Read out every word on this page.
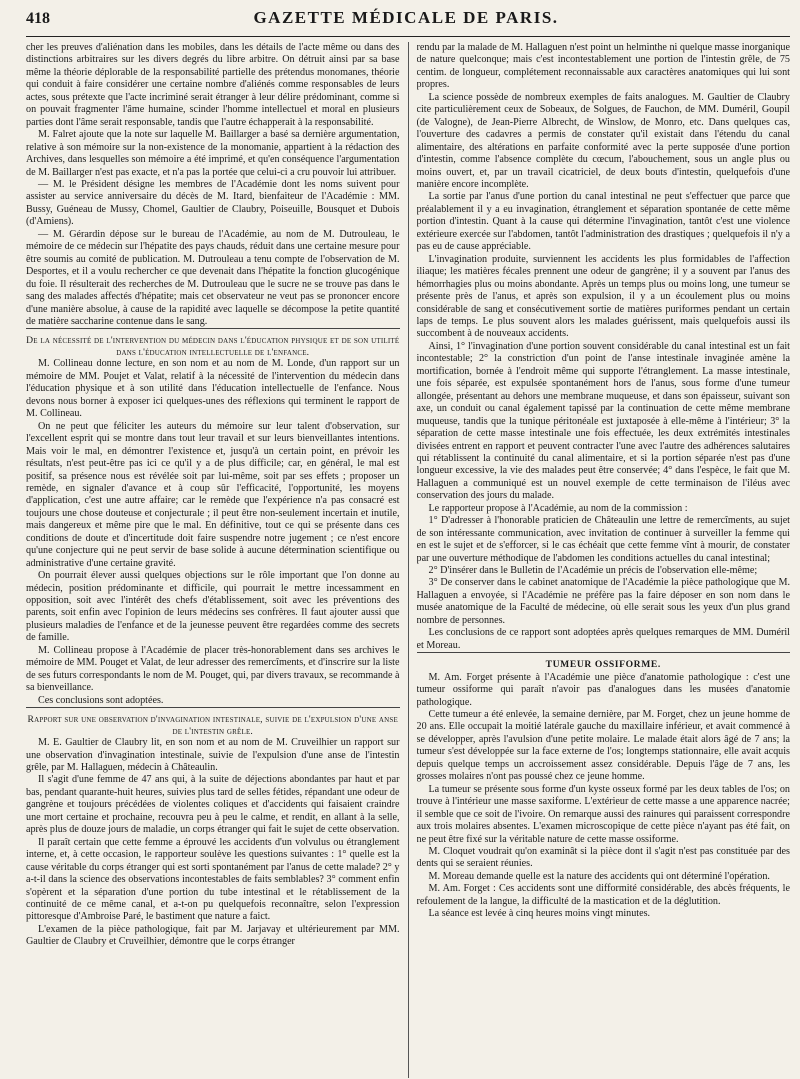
418	GAZETTE MÉDICALE DE PARIS.

cher les preuves d'aliénation dans les mobiles, dans les détails de l'acte même ou dans des distinctions arbitraires sur les divers degrés du libre arbitre. On détruit ainsi par sa base même la théorie déplorable de la responsabilité partielle des prétendus monomanes, théorie qui conduit à faire considérer une certaine nombre d'aliénés comme responsables de leurs actes, sous prétexte que l'acte incriminé serait étranger à leur délire prédominant, comme si on pouvait fragmenter l'âme humaine, scinder l'homme intellectuel et moral en plusieurs parties dont l'âme serait responsable, tandis que l'autre échapperait à la responsabilité.

M. Falret ajoute que la note sur laquelle M. Baillarger a basé sa dernière argumentation, relative à son mémoire sur la non-existence de la monomanie, appartient à la rédaction des Archives, dans lesquelles son mémoire a été imprimé, et qu'en conséquence l'argumentation de M. Baillarger n'est pas exacte, et n'a pas la portée que celui-ci a cru pouvoir lui attribuer.

— M. le Président désigne les membres de l'Académie dont les noms suivent pour assister au service anniversaire du décès de M. Itard, bienfaiteur de l'Académie : MM. Bussy, Guéneau de Mussy, Chomel, Gaultier de Claubry, Poiseuille, Bousquet et Dubois (d'Amiens).

— M. Gérardin dépose sur le bureau de l'Académie, au nom de M. Dutrouleau, le mémoire de ce médecin sur l'hépatite des pays chauds, réduit dans une certaine mesure pour être soumis au comité de publication. M. Dutrouleau a tenu compte de l'observation de M. Desportes, et il a voulu rechercher ce que devenait dans l'hépatite la fonction glucogénique du foie. Il résulterait des recherches de M. Dutrouleau que le sucre ne se trouve pas dans le sang des malades affectés d'hépatite; mais cet observateur ne veut pas se prononcer encore d'une manière absolue, à cause de la rapidité avec laquelle se décompose la petite quantité de matière saccharine contenue dans le sang.

De la nécessité de l'intervention du médecin dans l'éducation physique et de son utilité dans l'éducation intellectuelle de l'enfance.

M. Collineau donne lecture, en son nom et au nom de M. Londe, d'un rapport sur un mémoire de MM. Poujet et Valat, relatif à la nécessité de l'intervention du médecin dans l'éducation physique et à son utilité dans l'éducation intellectuelle de l'enfance. Nous devons nous borner à exposer ici quelques-unes des réflexions qui terminent le rapport de M. Collineau.

On ne peut que féliciter les auteurs du mémoire sur leur talent d'observation, sur l'excellent esprit qui se montre dans tout leur travail et sur leurs bienveillantes intentions. Mais voir le mal, en démontrer l'existence et, jusqu'à un certain point, en prévoir les résultats, n'est peut-être pas ici ce qu'il y a de plus difficile; car, en général, le mal est positif, sa présence nous est révélée soit par lui-même, soit par ses effets ; proposer un remède, en signaler d'avance et à coup sûr l'efficacité, l'opportunité, les moyens d'application, c'est une autre affaire; car le remède que l'expérience n'a pas consacré est toujours une chose douteuse et conjecturale ; il peut être non-seulement incertain et inutile, mais dangereux et même pire que le mal. En définitive, tout ce qui se présente dans ces conditions de doute et d'incertitude doit faire suspendre notre jugement ; ce n'est encore qu'une conjecture qui ne peut servir de base solide à aucune détermination scientifique ou administrative d'une certaine gravité.

On pourrait élever aussi quelques objections sur le rôle important que l'on donne au médecin, position prédominante et difficile, qui pourrait le mettre incessamment en opposition, soit avec l'intérêt des chefs d'établissement, soit avec les préventions des parents, soit enfin avec l'opinion de leurs médecins ses confrères. Il faut ajouter aussi que plusieurs maladies de l'enfance et de la jeunesse peuvent être regardées comme des secrets de famille.

M. Collineau propose à l'Académie de placer très-honorablement dans ses archives le mémoire de MM. Pouget et Valat, de leur adresser des remercîments, et d'inscrire sur la liste de ses futurs correspondants le nom de M. Pouget, qui, par divers travaux, se recommande à sa bienveillance.

Ces conclusions sont adoptées.

Rapport sur une observation d'invagination intestinale, suivie de l'expulsion d'une anse de l'intestin grêle.

M. E. Gaultier de Claubry lit, en son nom et au nom de M. Cruveilhier un rapport sur une observation d'invagination intestinale, suivie de l'expulsion d'une anse de l'intestin grêle, par M. Hallaguen, médecin à Châteaulin.

Il s'agit d'une femme de 47 ans qui, à la suite de déjections abondantes par haut et par bas, pendant quarante-huit heures, suivies plus tard de selles fétides, répandant une odeur de gangrène et toujours précédées de violentes coliques et d'accidents qui faisaient craindre une mort certaine et prochaine, recouvra peu à peu le calme, et rendit, en allant à la selle, après plus de douze jours de maladie, un corps étranger qui fait le sujet de cette observation.

Il paraît certain que cette femme a éprouvé les accidents d'un volvulus ou étranglement interne, et, à cette occasion, le rapporteur soulève les questions suivantes : 1° quelle est la cause véritable du corps étranger qui est sorti spontanément par l'anus de cette malade? 2° y a-t-il dans la science des observations incontestables de faits semblables? 3° comment enfin s'opèrent et la séparation d'une portion du tube intestinal et le rétablissement de la continuité de ce même canal, et a-t-on pu quelquefois reconnaître, selon l'expression pittoresque d'Ambroise Paré, le bastiment que nature a faict.

L'examen de la pièce pathologique, fait par M. Jarjavay et ultérieurement par MM. Gaultier de Claubry et Cruveilhier, démontre que le corps étranger

rendu par la malade de M. Hallaguen n'est point un helminthe ni quelque masse inorganique de nature quelconque; mais c'est incontestablement une portion de l'intestin grêle, de 75 centim. de longueur, complétement reconnaissable aux caractères anatomiques qui lui sont propres.

La science possède de nombreux exemples de faits analogues. M. Gaultier de Claubry cite particulièrement ceux de Sobeaux, de Solgues, de Fauchon, de MM. Duméril, Goupil (de Valogne), de Jean-Pierre Albrecht, de Winslow, de Monro, etc. Dans quelques cas, l'ouverture des cadavres a permis de constater qu'il existait dans l'étendu du canal alimentaire, des altérations en parfaite conformité avec la perte supposée d'une portion d'intestin, comme l'absence complète du cœcum, l'abouchement, sous un angle plus ou moins ouvert, et, par un travail cicatriciel, de deux bouts d'intestin, quelquefois d'une manière encore incomplète.

La sortie par l'anus d'une portion du canal intestinal ne peut s'effectuer que parce que préalablement il y a eu invagination, étranglement et séparation spontanée de cette même portion d'intestin. Quant à la cause qui détermine l'invagination, tantôt c'est une violence extérieure exercée sur l'abdomen, tantôt l'administration des drastiques ; quelquefois il n'y a pas eu de cause appréciable.

L'invagination produite, surviennent les accidents les plus formidables de l'affection iliaque; les matières fécales prennent une odeur de gangrène; il y a souvent par l'anus des hémorrhagies plus ou moins abondante. Après un temps plus ou moins long, une tumeur se présente près de l'anus, et après son expulsion, il y a un écoulement plus ou moins considérable de sang et consécutivement sortie de matières puriformes pendant un certain laps de temps. Le plus souvent alors les malades guérissent, mais quelquefois aussi ils succombent à de nouveaux accidents.

Ainsi, 1° l'invagination d'une portion souvent considérable du canal intestinal est un fait incontestable; 2° la constriction d'un point de l'anse intestinale invaginée amène la mortification, bornée à l'endroit même qui supporte l'étranglement. La masse intestinale, une fois séparée, est expulsée spontanément hors de l'anus, sous forme d'une tumeur allongée, présentant au dehors une membrane muqueuse, et dans son épaisseur, suivant son axe, un conduit ou canal également tapissé par la continuation de cette même membrane muqueuse, tandis que la tunique péritonéale est juxtaposée à elle-même à l'intérieur; 3° la séparation de cette masse intestinale une fois effectuée, les deux extrémités intestinales divisées entrent en rapport et peuvent contracter l'une avec l'autre des adhérences salutaires qui rétablissent la continuité du canal alimentaire, et si la portion séparée n'est pas d'une longueur excessive, la vie des malades peut être conservée; 4° dans l'espèce, le fait que M. Hallaguen a communiqué est un nouvel exemple de cette terminaison de l'iléus avec conservation des jours du malade.

Le rapporteur propose à l'Académie, au nom de la commission :

1° D'adresser à l'honorable praticien de Châteaulin une lettre de remercîments, au sujet de son intéressante communication, avec invitation de continuer à surveiller la femme qui en est le sujet et de s'efforcer, si le cas échéait que cette femme vînt à mourir, de constater par une ouverture méthodique de l'abdomen les conditions actuelles du canal intestinal;

2° D'insérer dans le Bulletin de l'Académie un précis de l'observation elle-même;

3° De conserver dans le cabinet anatomique de l'Académie la pièce pathologique que M. Hallaguen a envoyée, si l'Académie ne préfère pas la faire déposer en son nom dans le musée anatomique de la Faculté de médecine, où elle serait sous les yeux d'un plus grand nombre de personnes.

Les conclusions de ce rapport sont adoptées après quelques remarques de MM. Duméril et Moreau.

TUMEUR OSSIFORME.

M. Am. Forget présente à l'Académie une pièce d'anatomie pathologique : c'est une tumeur ossiforme qui paraît n'avoir pas d'analogues dans les musées d'anatomie pathologique.

Cette tumeur a été enlevée, la semaine dernière, par M. Forget, chez un jeune homme de 20 ans. Elle occupait la moitié latérale gauche du maxillaire inférieur, et avait commencé à se développer, après l'avulsion d'une petite molaire. Le malade était alors âgé de 7 ans; la tumeur s'est développée sur la face externe de l'os; longtemps stationnaire, elle avait acquis depuis quelque temps un accroissement assez considérable. Depuis l'âge de 7 ans, les grosses molaires n'ont pas poussé chez ce jeune homme.

La tumeur se présente sous forme d'un kyste osseux formé par les deux tables de l'os; on trouve à l'intérieur une masse saxiforme. L'extérieur de cette masse a une apparence nacrée; il semble que ce soit de l'ivoire. On remarque aussi des rainures qui paraissent correspondre aux trois molaires absentes. L'examen microscopique de cette pièce n'ayant pas été fait, on ne peut être fixé sur la véritable nature de cette masse ossiforme.

M. Cloquet voudrait qu'on examinât si la pièce dont il s'agit n'est pas constituée par des dents qui se seraient réunies.

M. Moreau demande quelle est la nature des accidents qui ont déterminé l'opération.

M. Am. Forget : Ces accidents sont une difformité considérable, des abcès fréquents, le refoulement de la langue, la difficulté de la mastication et de la déglutition.

La séance est levée à cinq heures moins vingt minutes.
